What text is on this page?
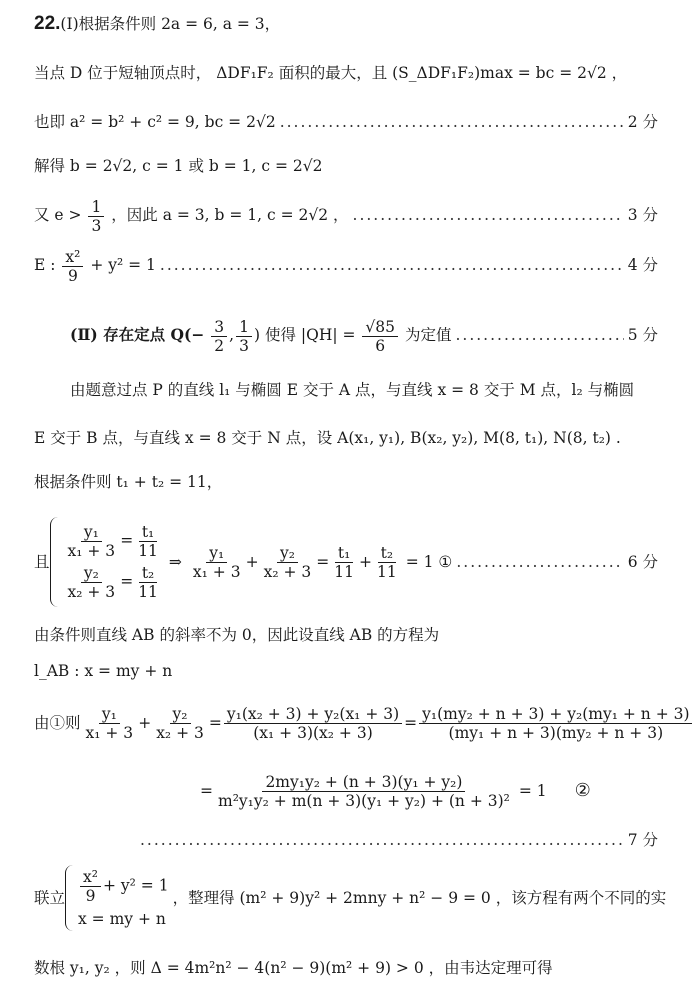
22.(Ⅰ)根据条件则 2a = 6, a = 3，
当点 D 位于短轴顶点时， ΔDF₁F₂ 面积的最大，且 (S_ΔDF₁F₂)max = bc = 2√2 ，
也即 a² = b² + c² = 9, bc = 2√2 .....	2 分
解得 b = 2√2, c = 1 或 b = 1, c = 2√2
又 $e > \frac{1}{3}$ ，因此 a = 3, b = 1, c = 2√2 ， .....	3 分
E : $\frac{\text{x²}}{9} + y^2 = 1$ .....	4 分
(Ⅱ) 存在定点 $Q(- \frac{3}{2}$ , $\frac{1}{3}$ ) 使得 $|QH| = \frac{√85}{6}$ 为定值 .....	5 分
由题意过点 P 的直线 l₁ 与椭圆 E 交于 A 点，与直线 x = 8 交于 M 点，l₂ 与椭圆
E 交于 B 点，与直线 x = 8 交于 N 点，设 A(x₁, y₁), B(x₂, y₂), M(8, t₁), N(8, t₂) .
根据条件则 t₁ + t₂ = 11，
且
$\frac{\text{y₁}}{\text{x₁ + 3}} = \frac{\text{t₁}}{11}$
$\frac{\text{y₂}}{\text{x₂ + 3}} = \frac{\text{t₂}}{11}$
⇒ $\frac{\text{y₁}}{\text{x₁ + 3}} + \frac{\text{y₂}}{\text{x₂ + 3}} = \frac{\text{t₁}}{11} + \frac{\text{t₂}}{11} = 1$ ① .....	6 分
由条件则直线 AB 的斜率不为 0，因此设直线 AB 的方程为
l_AB : x = my + n
由①则 $\frac{\text{y₁}}{\text{x₁ + 3}} + \frac{\text{y₂}}{\text{x₂ + 3}} = \frac{\text{y₁(x₂ + 3) + y₂(x₁ + 3)}}{\text{(x₁ + 3)(x₂ + 3)}} = \frac{\text{y₁(my₂ + n + 3) + y₂(my₁ + n + 3)}}{\text{(my₁ + n + 3)(my₂ + n + 3)}}$
= $\frac{\text{2my₁y₂ + (n + 3)(y₁ + y₂)}}{\text{m²y₁y₂ + m(n + 3)(y₁ + y₂) + (n + 3)²}} = 1$ ②
.....
7 分
联立 $\frac{\text{x²}}{9} + y^2 = 1$
x = my + n
，整理得 (m² + 9)y² + 2mny + n² − 9 = 0 ，该方程有两个不同的实
数根 y₁, y₂ ，则 Δ = 4m²n² − 4(n² − 9)(m² + 9) > 0 ，由韦达定理可得
